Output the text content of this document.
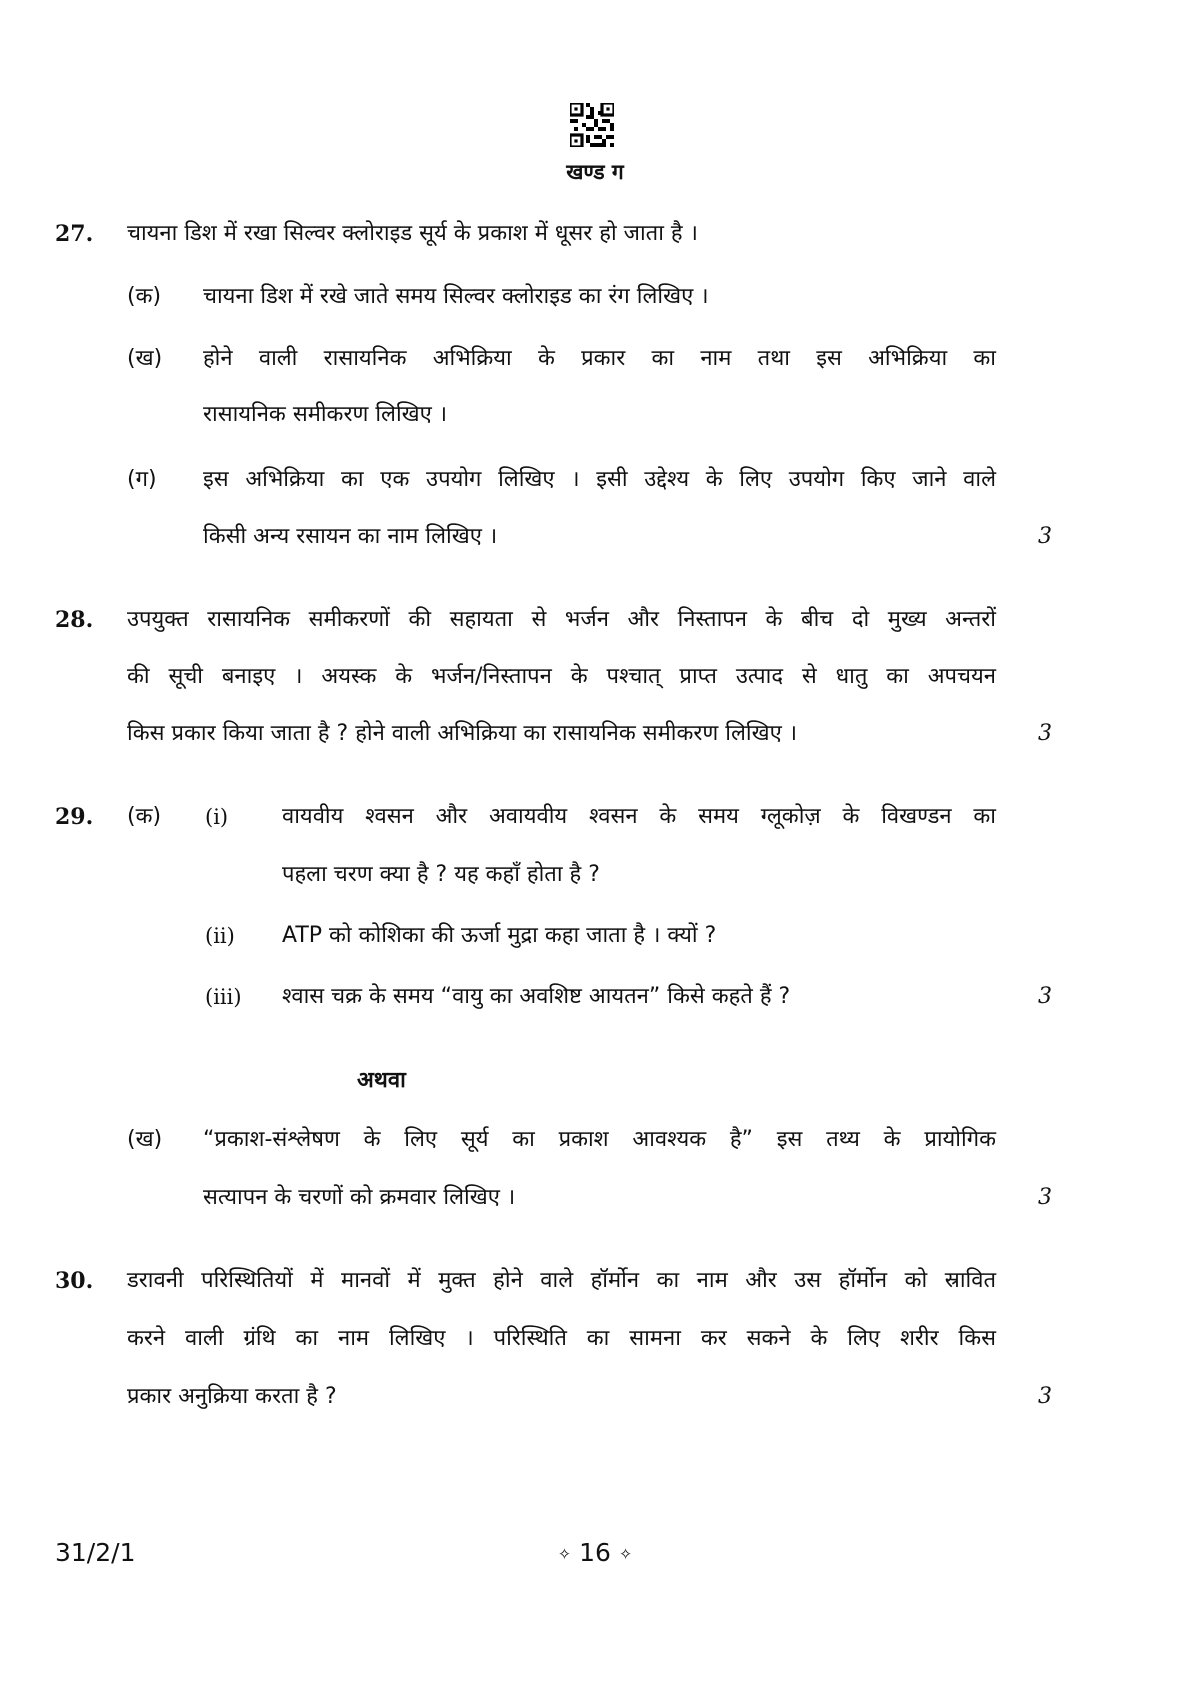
खण्ड ग
27. चायना डिश में रखा सिल्वर क्लोराइड सूर्य के प्रकाश में धूसर हो जाता है ।
(क) चायना डिश में रखे जाते समय सिल्वर क्लोराइड का रंग लिखिए ।
(ख) होने वाली रासायनिक अभिक्रिया के प्रकार का नाम तथा इस अभिक्रिया का
रासायनिक समीकरण लिखिए ।
(ग) इस अभिक्रिया का एक उपयोग लिखिए । इसी उद्देश्य के लिए उपयोग किए जाने वाले
किसी अन्य रसायन का नाम लिखिए ।	3
28. उपयुक्त रासायनिक समीकरणों की सहायता से भर्जन और निस्तापन के बीच दो मुख्य अन्तरों
की सूची बनाइए । अयस्क के भर्जन/निस्तापन के पश्चात् प्राप्त उत्पाद से धातु का अपचयन
किस प्रकार किया जाता है ? होने वाली अभिक्रिया का रासायनिक समीकरण लिखिए ।	3
29. (क) (i) वायवीय श्वसन और अवायवीय श्वसन के समय ग्लूकोज़ के विखण्डन का
पहला चरण क्या है ? यह कहाँ होता है ?
(ii) ATP को कोशिका की ऊर्जा मुद्रा कहा जाता है । क्यों ?
(iii) श्वास चक्र के समय “वायु का अवशिष्ट आयतन” किसे कहते हैं ?	3
अथवा
(ख) “प्रकाश-संश्लेषण के लिए सूर्य का प्रकाश आवश्यक है” इस तथ्य के प्रायोगिक
सत्यापन के चरणों को क्रमवार लिखिए ।	3
30. डरावनी परिस्थितियों में मानवों में मुक्त होने वाले हॉर्मोन का नाम और उस हॉर्मोन को स्रावित
करने वाली ग्रंथि का नाम लिखिए । परिस्थिति का सामना कर सकने के लिए शरीर किस
प्रकार अनुक्रिया करता है ?	3
31/2/1	✧ 16 ✧
